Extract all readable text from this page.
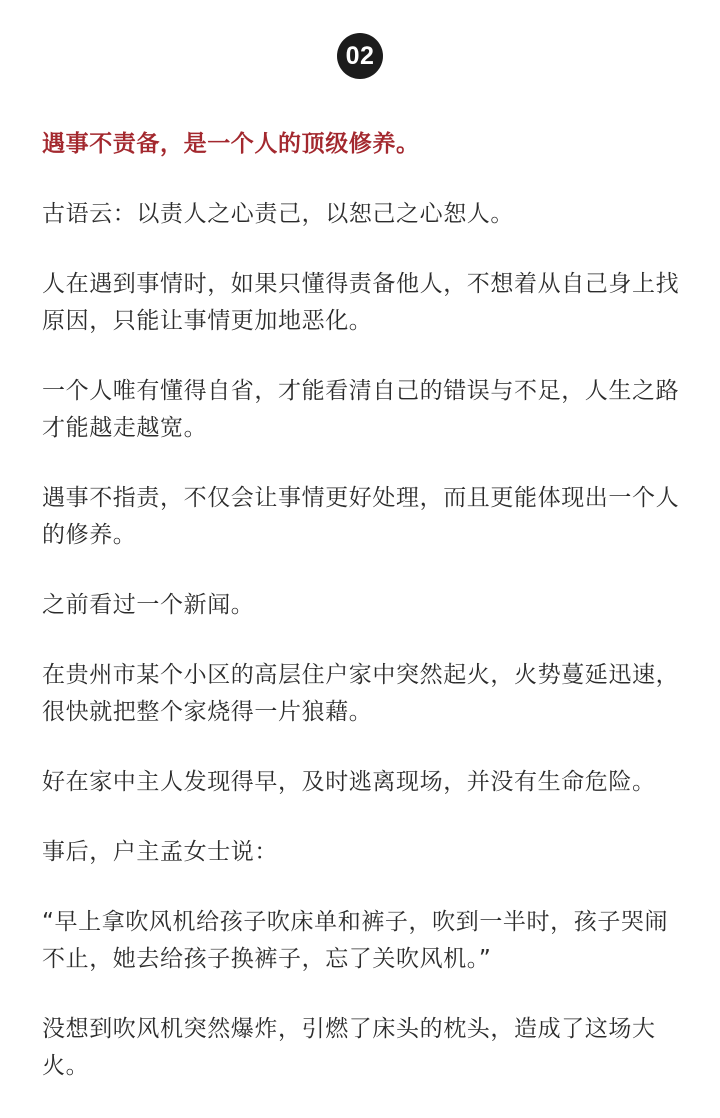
02

遇事不责备，是一个人的顶级修养。

古语云：以责人之心责己，以恕己之心恕人。

人在遇到事情时，如果只懂得责备他人，不想着从自己身上找原因，只能让事情更加地恶化。

一个人唯有懂得自省，才能看清自己的错误与不足，人生之路才能越走越宽。

遇事不指责，不仅会让事情更好处理，而且更能体现出一个人的修养。

之前看过一个新闻。

在贵州市某个小区的高层住户家中突然起火，火势蔓延迅速，很快就把整个家烧得一片狼藉。

好在家中主人发现得早，及时逃离现场，并没有生命危险。

事后，户主孟女士说：

“早上拿吹风机给孩子吹床单和裤子，吹到一半时，孩子哭闹不止，她去给孩子换裤子，忘了关吹风机。”

没想到吹风机突然爆炸，引燃了床头的枕头，造成了这场大火。
